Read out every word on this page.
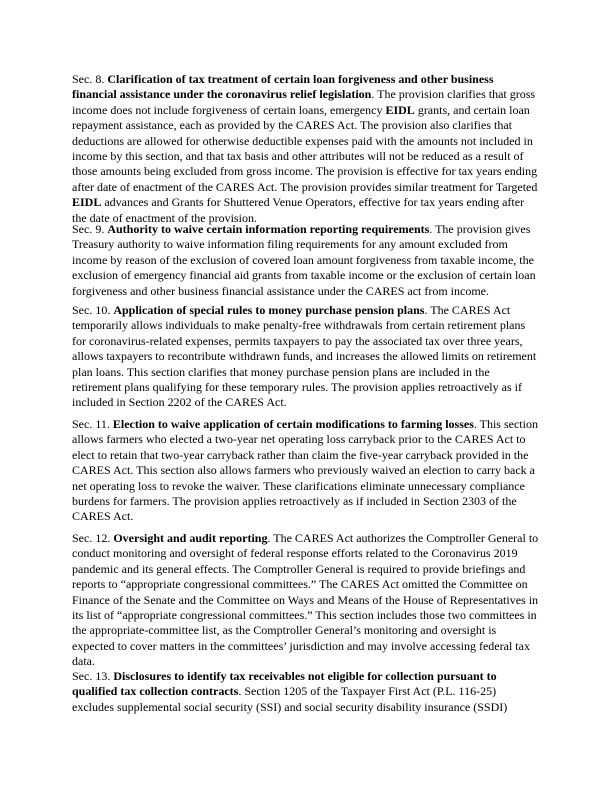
Sec. 8. Clarification of tax treatment of certain loan forgiveness and other business
financial assistance under the coronavirus relief legislation. The provision clarifies that gross
income does not include forgiveness of certain loans, emergency EIDL grants, and certain loan
repayment assistance, each as provided by the CARES Act. The provision also clarifies that
deductions are allowed for otherwise deductible expenses paid with the amounts not included in
income by this section, and that tax basis and other attributes will not be reduced as a result of
those amounts being excluded from gross income. The provision is effective for tax years ending
after date of enactment of the CARES Act. The provision provides similar treatment for Targeted
EIDL advances and Grants for Shuttered Venue Operators, effective for tax years ending after
the date of enactment of the provision.
Sec. 9. Authority to waive certain information reporting requirements. The provision gives
Treasury authority to waive information filing requirements for any amount excluded from
income by reason of the exclusion of covered loan amount forgiveness from taxable income, the
exclusion of emergency financial aid grants from taxable income or the exclusion of certain loan
forgiveness and other business financial assistance under the CARES act from income.
Sec. 10. Application of special rules to money purchase pension plans. The CARES Act
temporarily allows individuals to make penalty-free withdrawals from certain retirement plans
for coronavirus-related expenses, permits taxpayers to pay the associated tax over three years,
allows taxpayers to recontribute withdrawn funds, and increases the allowed limits on retirement
plan loans. This section clarifies that money purchase pension plans are included in the
retirement plans qualifying for these temporary rules. The provision applies retroactively as if
included in Section 2202 of the CARES Act.
Sec. 11. Election to waive application of certain modifications to farming losses. This section
allows farmers who elected a two-year net operating loss carryback prior to the CARES Act to
elect to retain that two-year carryback rather than claim the five-year carryback provided in the
CARES Act. This section also allows farmers who previously waived an election to carry back a
net operating loss to revoke the waiver. These clarifications eliminate unnecessary compliance
burdens for farmers. The provision applies retroactively as if included in Section 2303 of the
CARES Act.
Sec. 12. Oversight and audit reporting. The CARES Act authorizes the Comptroller General to
conduct monitoring and oversight of federal response efforts related to the Coronavirus 2019
pandemic and its general effects. The Comptroller General is required to provide briefings and
reports to “appropriate congressional committees.” The CARES Act omitted the Committee on
Finance of the Senate and the Committee on Ways and Means of the House of Representatives in
its list of “appropriate congressional committees.” This section includes those two committees in
the appropriate-committee list, as the Comptroller General’s monitoring and oversight is
expected to cover matters in the committees’ jurisdiction and may involve accessing federal tax
data.
Sec. 13. Disclosures to identify tax receivables not eligible for collection pursuant to
qualified tax collection contracts. Section 1205 of the Taxpayer First Act (P.L. 116-25)
excludes supplemental social security (SSI) and social security disability insurance (SSDI)
